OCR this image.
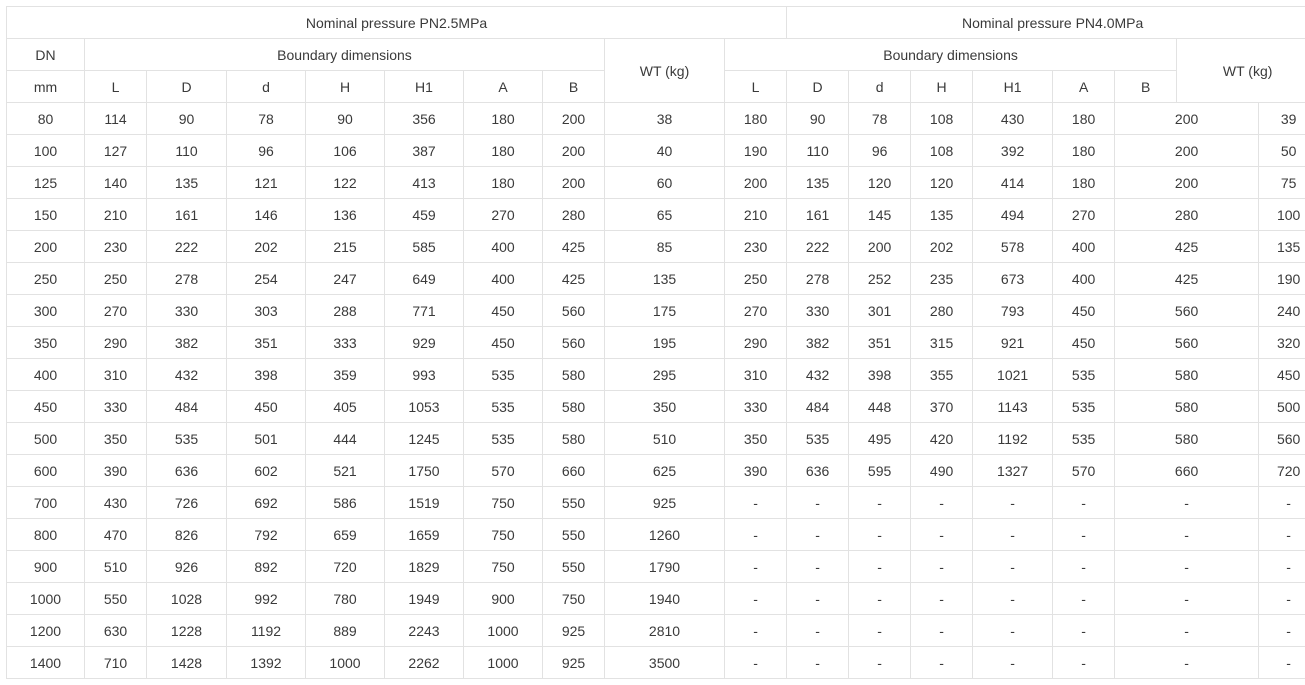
Nominal pressure PN2.5MPa										Nominal pressure PN4.0MPa							
DN	Boundary dimensions							WT (kg)	Boundary dimensions							WT (kg)	
mm	L	D	d	H	H1	A	B		L	D	d	H	H1	A	B		
80	114	90	78	90	356	180	200	38	180	90	78	108	430	180	200		39
100	127	110	96	106	387	180	200	40	190	110	96	108	392	180	200		50
125	140	135	121	122	413	180	200	60	200	135	120	120	414	180	200		75
150	210	161	146	136	459	270	280	65	210	161	145	135	494	270	280		100
200	230	222	202	215	585	400	425	85	230	222	200	202	578	400	425		135
250	250	278	254	247	649	400	425	135	250	278	252	235	673	400	425		190
300	270	330	303	288	771	450	560	175	270	330	301	280	793	450	560		240
350	290	382	351	333	929	450	560	195	290	382	351	315	921	450	560		320
400	310	432	398	359	993	535	580	295	310	432	398	355	1021	535	580		450
450	330	484	450	405	1053	535	580	350	330	484	448	370	1143	535	580		500
500	350	535	501	444	1245	535	580	510	350	535	495	420	1192	535	580		560
600	390	636	602	521	1750	570	660	625	390	636	595	490	1327	570	660		720
700	430	726	692	586	1519	750	550	925	-	-	-	-	-	-	-		-
800	470	826	792	659	1659	750	550	1260	-	-	-	-	-	-	-		-
900	510	926	892	720	1829	750	550	1790	-	-	-	-	-	-	-		-
1000	550	1028	992	780	1949	900	750	1940	-	-	-	-	-	-	-		-
1200	630	1228	1192	889	2243	1000	925	2810	-	-	-	-	-	-	-		-
1400	710	1428	1392	1000	2262	1000	925	3500	-	-	-	-	-	-	-		-
